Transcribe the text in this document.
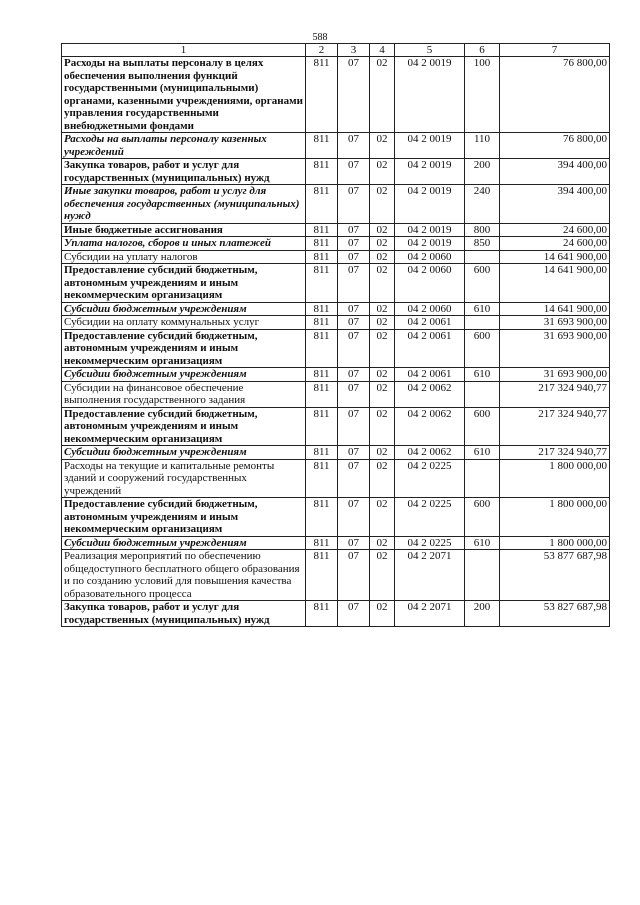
588
1	2	3	4	5	6	7
Расходы на выплаты персоналу в целях обеспечения выполнения функций государственными (муниципальными) органами, казенными учреждениями, органами управления государственными внебюджетными фондами	811	07	02	04 2 0019	100	76 800,00
Расходы на выплаты персоналу казенных учреждений	811	07	02	04 2 0019	110	76 800,00
Закупка товаров, работ и услуг для государственных (муниципальных) нужд	811	07	02	04 2 0019	200	394 400,00
Иные закупки товаров, работ и услуг для обеспечения государственных (муниципальных) нужд	811	07	02	04 2 0019	240	394 400,00
Иные бюджетные ассигнования	811	07	02	04 2 0019	800	24 600,00
Уплата налогов, сборов и иных платежей	811	07	02	04 2 0019	850	24 600,00
Субсидии на уплату налогов	811	07	02	04 2 0060		14 641 900,00
Предоставление субсидий бюджетным, автономным учреждениям и иным некоммерческим организациям	811	07	02	04 2 0060	600	14 641 900,00
Субсидии бюджетным учреждениям	811	07	02	04 2 0060	610	14 641 900,00
Субсидии на оплату коммунальных услуг	811	07	02	04 2 0061		31 693 900,00
Предоставление субсидий бюджетным, автономным учреждениям и иным некоммерческим организациям	811	07	02	04 2 0061	600	31 693 900,00
Субсидии бюджетным учреждениям	811	07	02	04 2 0061	610	31 693 900,00
Субсидии на финансовое обеспечение выполнения государственного задания	811	07	02	04 2 0062		217 324 940,77
Предоставление субсидий бюджетным, автономным учреждениям и иным некоммерческим организациям	811	07	02	04 2 0062	600	217 324 940,77
Субсидии бюджетным учреждениям	811	07	02	04 2 0062	610	217 324 940,77
Расходы на текущие и капитальные ремонты зданий и сооружений государственных учреждений	811	07	02	04 2 0225		1 800 000,00
Предоставление субсидий бюджетным, автономным учреждениям и иным некоммерческим организациям	811	07	02	04 2 0225	600	1 800 000,00
Субсидии бюджетным учреждениям	811	07	02	04 2 0225	610	1 800 000,00
Реализация мероприятий по обеспечению общедоступного бесплатного общего образования и по созданию условий для повышения качества образовательного процесса	811	07	02	04 2 2071		53 877 687,98
Закупка товаров, работ и услуг для государственных (муниципальных) нужд	811	07	02	04 2 2071	200	53 827 687,98
